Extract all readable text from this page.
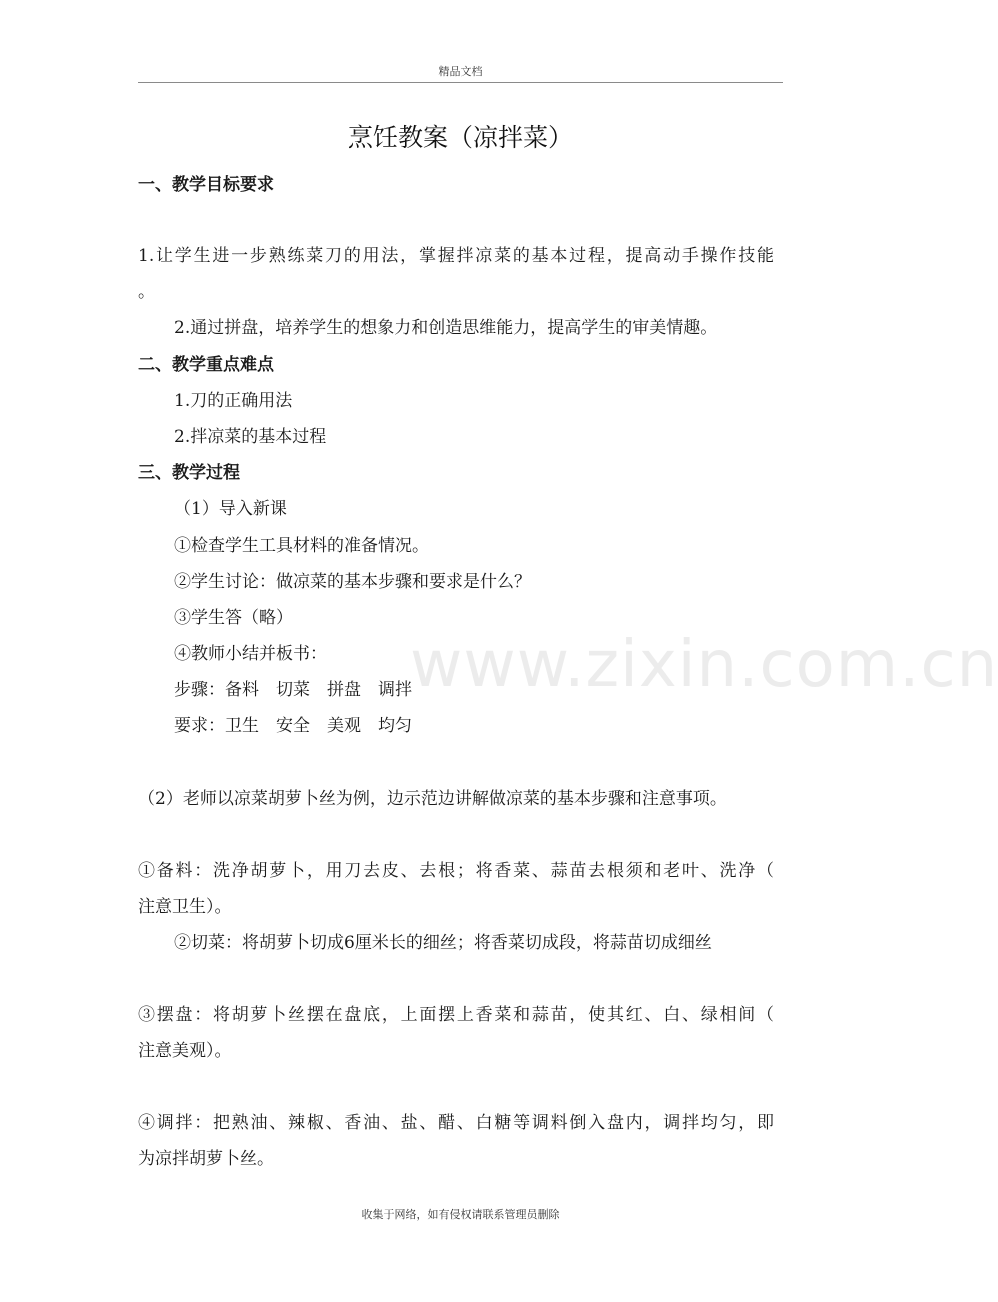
精品文档
烹饪教案（凉拌菜）
一、教学目标要求
1.让学生进一步熟练菜刀的用法，掌握拌凉菜的基本过程，提高动手操作技能
。
2.通过拼盘，培养学生的想象力和创造思维能力，提高学生的审美情趣。
二、教学重点难点
1.刀的正确用法
2.拌凉菜的基本过程
三、教学过程
（1）导入新课
①检查学生工具材料的准备情况。
②学生讨论：做凉菜的基本步骤和要求是什么？
③学生答（略）
④教师小结并板书：
步骤：备料　切菜　拼盘　调拌
要求：卫生　安全　美观　均匀
（2）老师以凉菜胡萝卜丝为例，边示范边讲解做凉菜的基本步骤和注意事项。
①备料：洗净胡萝卜，用刀去皮、去根；将香菜、蒜苗去根须和老叶、洗净（
注意卫生）。
②切菜：将胡萝卜切成6厘米长的细丝；将香菜切成段，将蒜苗切成细丝
③摆盘：将胡萝卜丝摆在盘底，上面摆上香菜和蒜苗，使其红、白、绿相间（
注意美观）。
④调拌：把熟油、辣椒、香油、盐、醋、白糖等调料倒入盘内，调拌均匀，即
为凉拌胡萝卜丝。
www.zixin.com.cn
收集于网络，如有侵权请联系管理员删除
